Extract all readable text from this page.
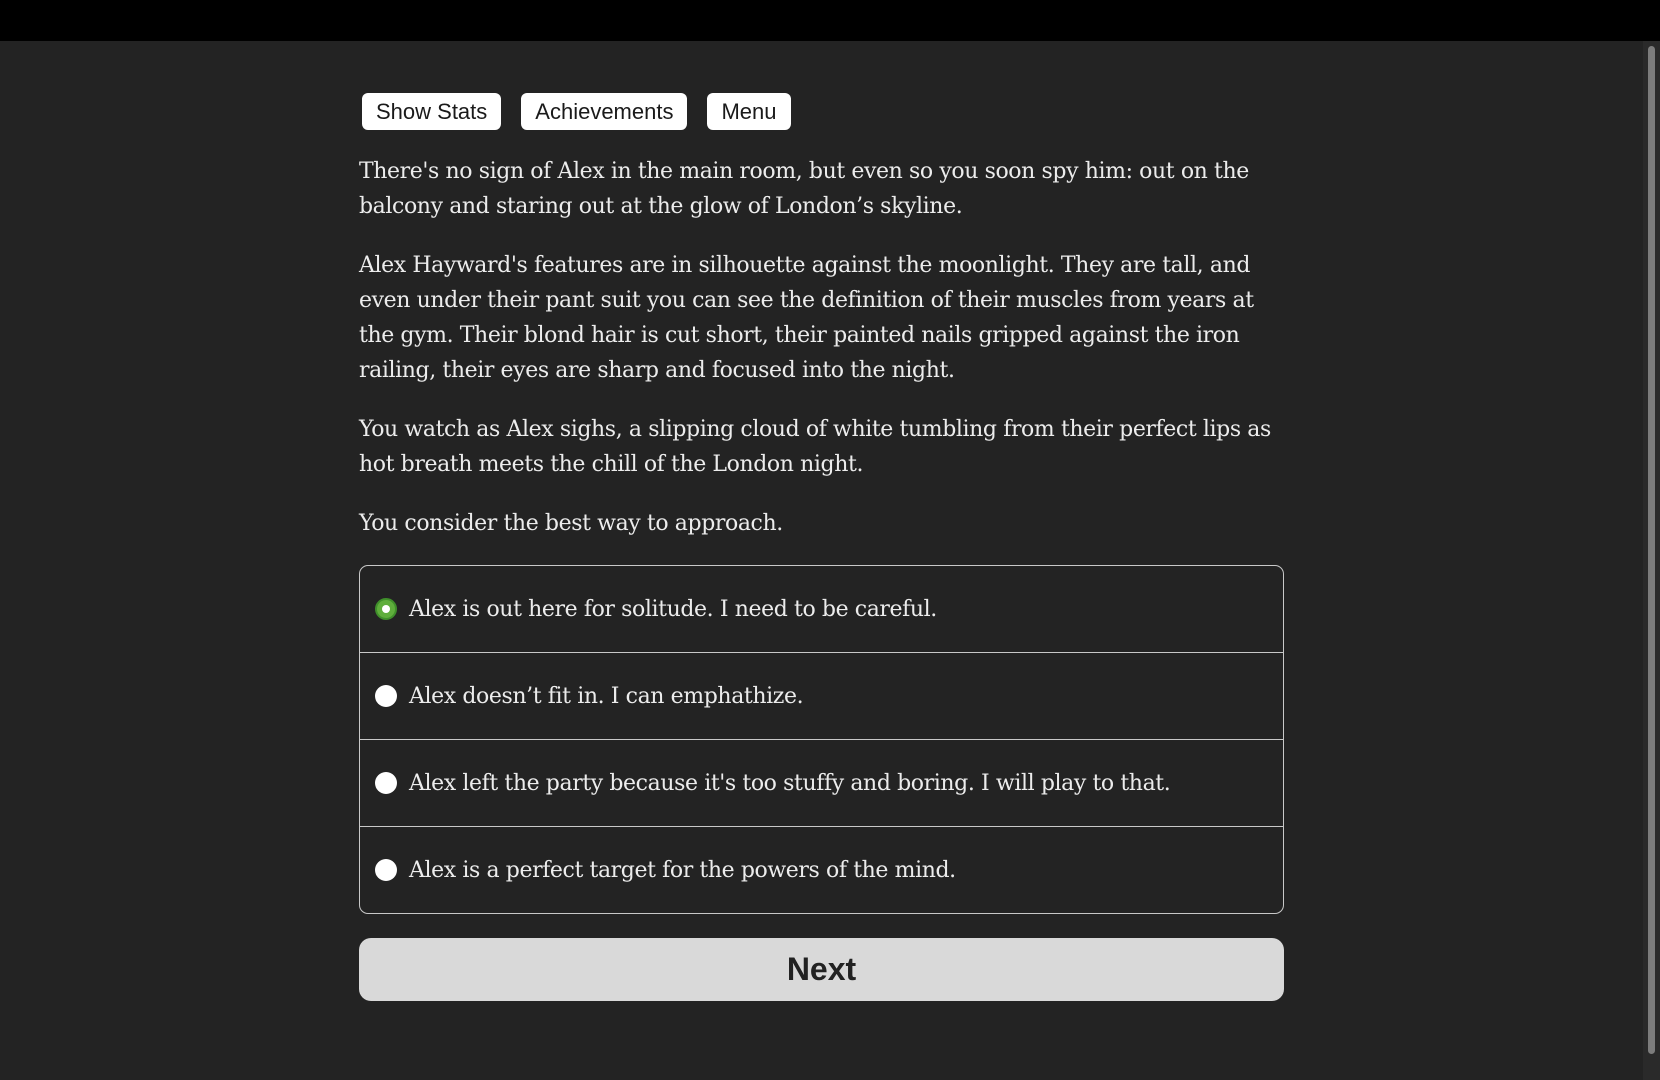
Show Stats	Achievements	Menu

There's no sign of Alex in the main room, but even so you soon spy him: out on the balcony and staring out at the glow of London’s skyline.

Alex Hayward's features are in silhouette against the moonlight. They are tall, and even under their pant suit you can see the definition of their muscles from years at the gym. Their blond hair is cut short, their painted nails gripped against the iron railing, their eyes are sharp and focused into the night.

You watch as Alex sighs, a slipping cloud of white tumbling from their perfect lips as hot breath meets the chill of the London night.

You consider the best way to approach.

Alex is out here for solitude. I need to be careful.
Alex doesn’t fit in. I can emphathize.
Alex left the party because it's too stuffy and boring. I will play to that.
Alex is a perfect target for the powers of the mind.
Next
